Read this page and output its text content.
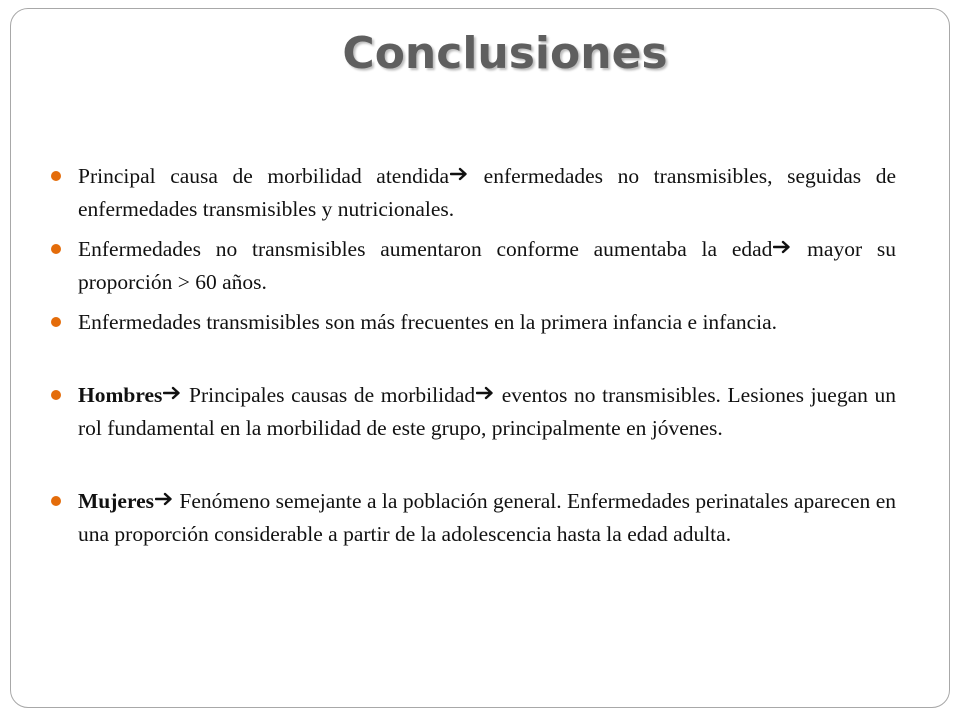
Conclusiones
Principal causa de morbilidad atendida
enfermedades no transmisibles, seguidas de enfermedades transmisibles y nutricionales.
Enfermedades no transmisibles aumentaron conforme aumentaba la edad
mayor su proporción > 60 años.
Enfermedades transmisibles son más frecuentes en la primera infancia e infancia.
Hombres
Principales causas de morbilidad
eventos no transmisibles. Lesiones juegan un rol fundamental en la morbilidad de este grupo, principalmente en jóvenes.
Mujeres
Fenómeno semejante a la población general. Enfermedades perinatales aparecen en una proporción considerable a partir de la adolescencia hasta la edad adulta.
